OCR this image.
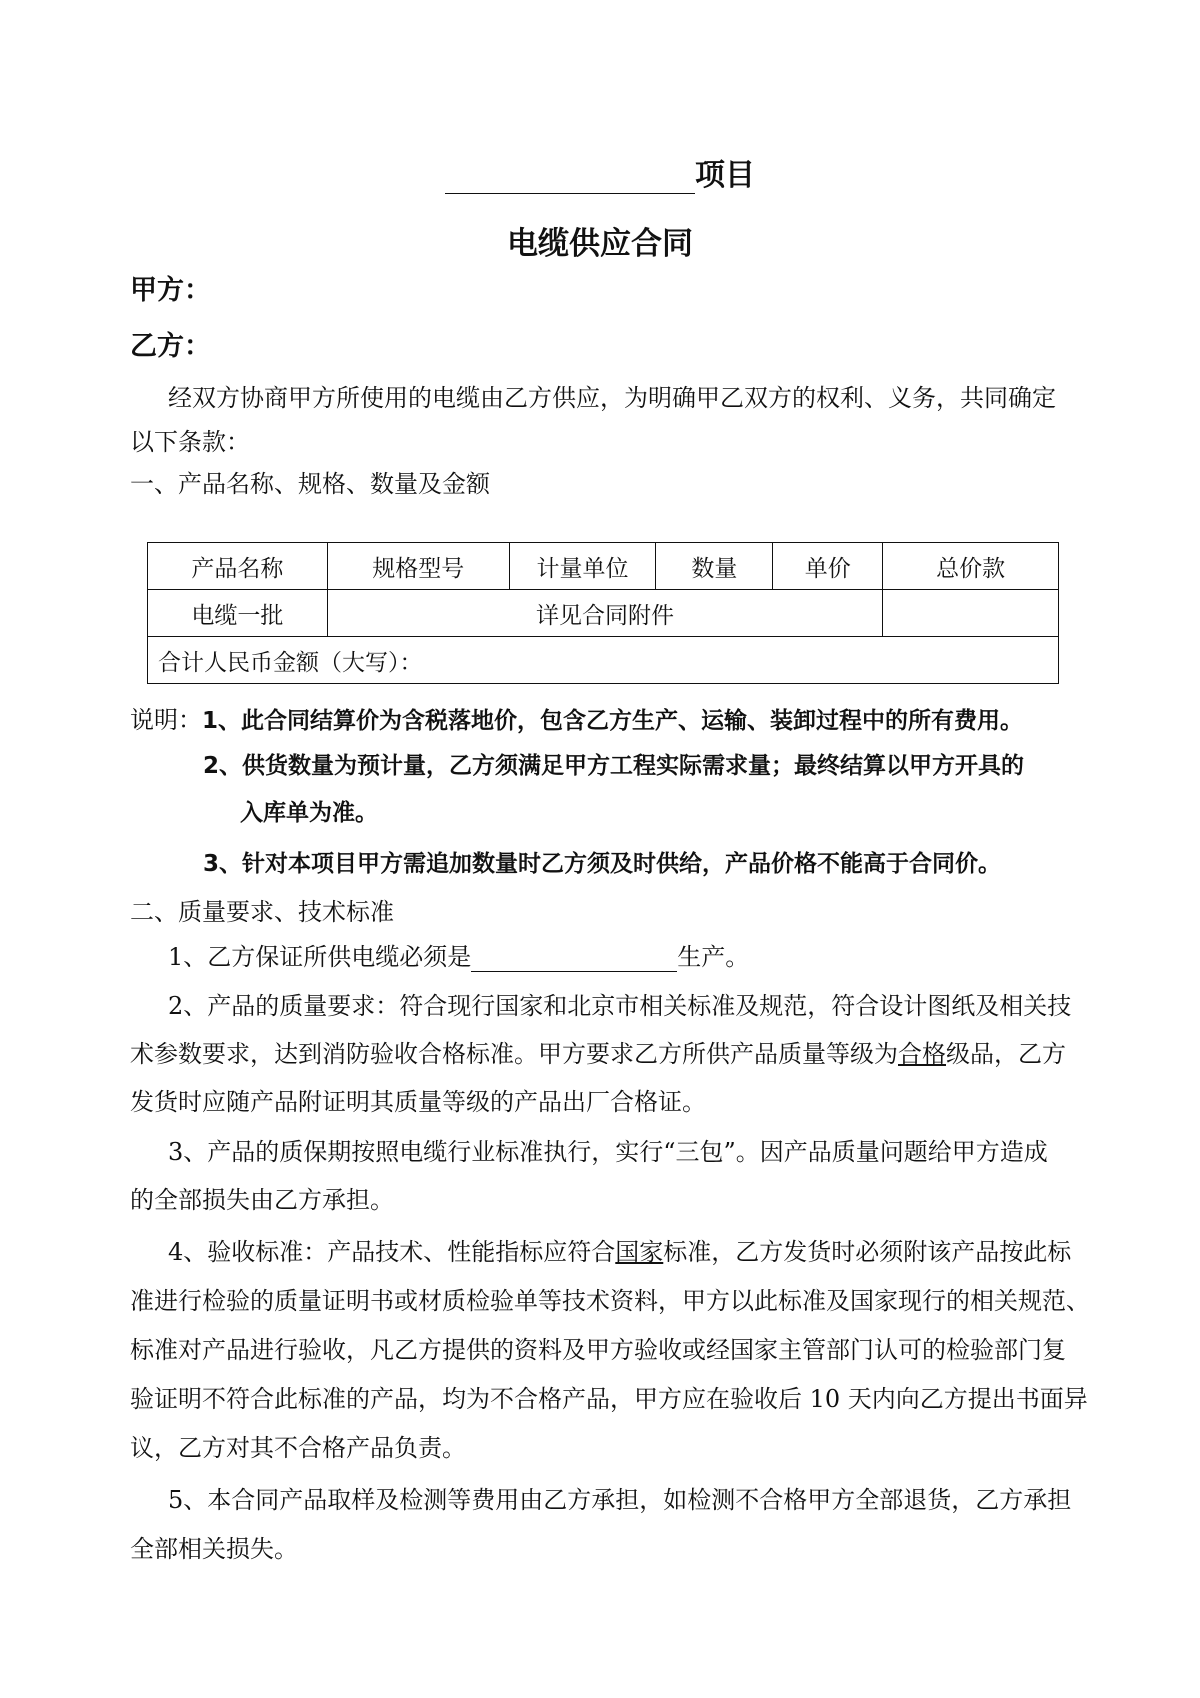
项目
电缆供应合同
甲方：
乙方：
经双方协商甲方所使用的电缆由乙方供应，为明确甲乙双方的权利、义务，共同确定
以下条款：
一、产品名称、规格、数量及金额
产品名称	规格型号	计量单位	数量	单价	总价款
电缆一批	详见合同附件				
合计人民币金额（大写）：					
说明：1、此合同结算价为含税落地价，包含乙方生产、运输、装卸过程中的所有费用。
2、供货数量为预计量，乙方须满足甲方工程实际需求量；最终结算以甲方开具的
入库单为准。
3、针对本项目甲方需追加数量时乙方须及时供给，产品价格不能高于合同价。
二、质量要求、技术标准
1、乙方保证所供电缆必须是	生产。
2、产品的质量要求：符合现行国家和北京市相关标准及规范，符合设计图纸及相关技
术参数要求，达到消防验收合格标准。甲方要求乙方所供产品质量等级为合格级品，乙方
发货时应随产品附证明其质量等级的产品出厂合格证。
3、产品的质保期按照电缆行业标准执行，实行“三包”。因产品质量问题给甲方造成
的全部损失由乙方承担。
4、验收标准：产品技术、性能指标应符合国家标准，乙方发货时必须附该产品按此标
准进行检验的质量证明书或材质检验单等技术资料，甲方以此标准及国家现行的相关规范、
标准对产品进行验收，凡乙方提供的资料及甲方验收或经国家主管部门认可的检验部门复
验证明不符合此标准的产品，均为不合格产品，甲方应在验收后 10 天内向乙方提出书面异
议，乙方对其不合格产品负责。
5、本合同产品取样及检测等费用由乙方承担，如检测不合格甲方全部退货，乙方承担
全部相关损失。
